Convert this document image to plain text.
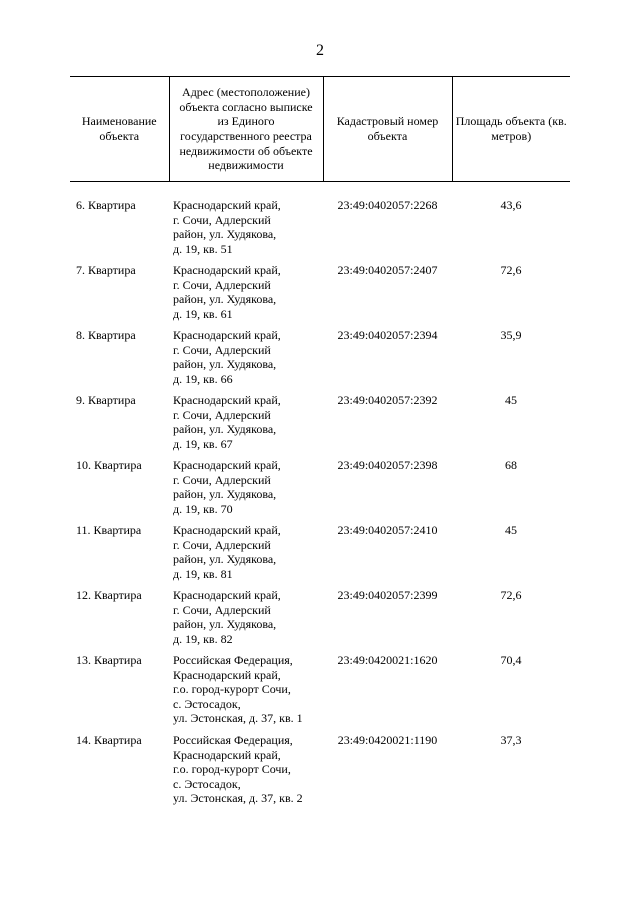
2
Наименование объекта	Адрес (местоположение) объекта согласно выписке из Единого государственного реестра недвижимости об объекте недвижимости	Кадастровый номер объекта	Площадь объекта (кв. метров)

6. Квартира	Краснодарский край,
г. Сочи, Адлерский
район, ул. Худякова,
д. 19, кв. 51	23:49:0402057:2268	43,6
7. Квартира	Краснодарский край,
г. Сочи, Адлерский
район, ул. Худякова,
д. 19, кв. 61	23:49:0402057:2407	72,6
8. Квартира	Краснодарский край,
г. Сочи, Адлерский
район, ул. Худякова,
д. 19, кв. 66	23:49:0402057:2394	35,9
9. Квартира	Краснодарский край,
г. Сочи, Адлерский
район, ул. Худякова,
д. 19, кв. 67	23:49:0402057:2392	45
10. Квартира	Краснодарский край,
г. Сочи, Адлерский
район, ул. Худякова,
д. 19, кв. 70	23:49:0402057:2398	68
11. Квартира	Краснодарский край,
г. Сочи, Адлерский
район, ул. Худякова,
д. 19, кв. 81	23:49:0402057:2410	45
12. Квартира	Краснодарский край,
г. Сочи, Адлерский
район, ул. Худякова,
д. 19, кв. 82	23:49:0402057:2399	72,6
13. Квартира	Российская Федерация,
Краснодарский край,
г.о. город-курорт Сочи,
с. Эстосадок,
ул. Эстонская, д. 37, кв. 1	23:49:0420021:1620	70,4
14. Квартира	Российская Федерация,
Краснодарский край,
г.о. город-курорт Сочи,
с. Эстосадок,
ул. Эстонская, д. 37, кв. 2	23:49:0420021:1190	37,3
